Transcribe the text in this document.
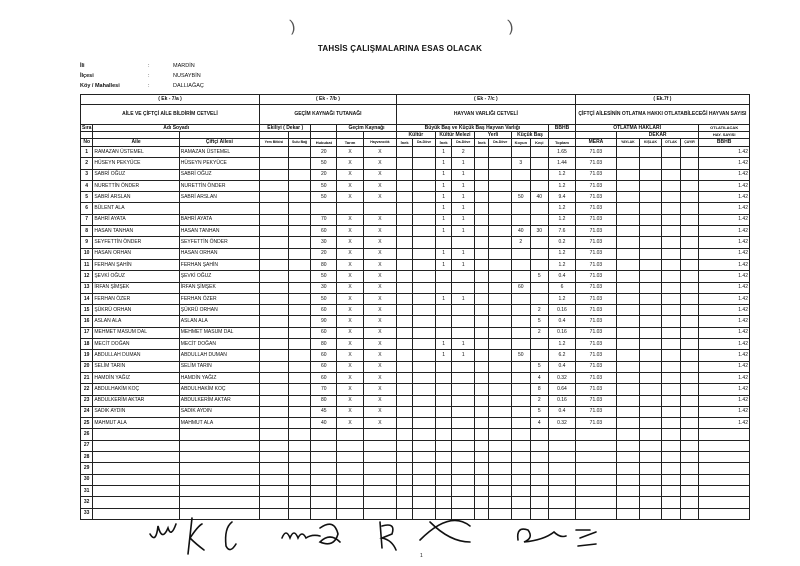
)	)
TAHSİS ÇALIŞMALARINA ESAS OLACAK
İli	:	MARDİN
İlçesi	:	NUSAYBİN
Köy / Mahallesi	:	DALLIAĞAÇ
( Ek - 7/a )			( Ek - 7/b )					( Ek - 7/c )									( Ek.7f )					
AİLE VE ÇİFTÇİ AİLE BİLDİRİM CETVELİ			GEÇİM KAYNAĞI TUTANAĞI					HAYVAN VARLIĞI CETVELİ									ÇİFTÇİ AİLESİNİN OTLATMA HAKKI OTLATABİLECEĞİ HAYVAN SAYISI					
Sıra	Adı Soyadı		Ekiliyi ( Dekar )			Geçim Kaynağı		Büyük Baş ve Küçük Baş Hayvan Varlığı								BBHB	OTLATMA HAKLARI					OTLATILACAK
								Kültür		Kültür Melezi		Yerli		Küçük Baş				DEKAR				HAY. SAYISI
No	Aile	Çiftçi Ailesi	Yem Bitkisi	Sulu Bağ	Hububat	Tarım	Hayvancılık	İnek	Da-Döve	İnek	Da-Döve	İnek	Da-Döve	Koyun	Keçi	Toplam	MERA	YAYLAK	KIŞLAK	OTLAK	ÇAYIR	BBHB
1	RAMAZAN ÜSTEMEL	RAMAZAN ÜSTEMEL			20	X	X			1	2					1.65	71.03					1.42
2	HÜSEYN PEKYÜCE	HÜSEYN PEKYÜCE			50	X	X			1	1			3		1.44	71.03					1.42
3	SABRİ OĞUZ	SABRİ OĞUZ			20	X	X			1	1					1.2	71.03					1.42
4	NURETTİN ÖNDER	NURETTİN ÖNDER			50	X	X			1	1					1.2	71.03					1.42
5	SABRİ ARSLAN	SABRİ ARSLAN			50	X	X			1	1			50	40	9.4	71.03					1.42
6	BÜLENT ALA									1	1					1.2	71.03					1.42
7	BAHRİ AYATA	BAHRİ AYATA			70	X	X			1	1					1.2	71.03					1.42
8	HASAN TANHAN	HASAN TANHAN			60	X	X			1	1			40	30	7.6	71.03					1.42
9	SEYFETTİN ÖNDER	SEYFETTİN ÖNDER			30	X	X							2		0.2	71.03					1.42
10	HASAN ORHAN	HASAN ORHAN			20	X	X			1	1					1.2	71.03					1.42
11	FERHAN ŞAHİN	FERHAN ŞAHİN			80	X	X			1	1					1.2	71.03					1.42
12	ŞEVKİ OĞUZ	ŞEVKİ OĞUZ			50	X	X								5	0.4	71.03					1.42
13	İRFAN ŞİMŞEK	İRFAN ŞİMŞEK			30	X	X							60		6	71.03					1.42
14	FERHAN ÖZER	FERHAN ÖZER			50	X	X			1	1					1.2	71.03					1.42
15	ŞÜKRÜ ORHAN	ŞÜKRÜ ORHAN			60	X	X								2	0.16	71.03					1.42
16	ASLAN ALA	ASLAN ALA			90	X	X								5	0.4	71.03					1.42
17	MEHMET MASUM DAL	MEHMET MASUM DAL			60	X	X								2	0.16	71.03					1.42
18	MECİT DOĞAN	MECİT DOĞAN			80	X	X			1	1					1.2	71.03					1.42
19	ABDULLAH DUMAN	ABDULLAH DUMAN			60	X	X			1	1			50		6.2	71.03					1.42
20	SELİM TARIN	SELİM TARIN			60	X	X								5	0.4	71.03					1.42
21	HAMDİN YAĞIZ	HAMDİN YAĞIZ			60	X	X								4	0.32	71.03					1.42
22	ABDULHAKİM KOÇ	ABDULHAKİM KOÇ			70	X	X								8	0.64	71.03					1.42
23	ABDULKERİM AKTAR	ABDULKERİM AKTAR			80	X	X								2	0.16	71.03					1.42
24	SADIK AYDIN	SADIK AYDIN			45	X	X								5	0.4	71.03					1.42
25	MAHMUT ALA	MAHMUT ALA			40	X	X								4	0.32	71.03					1.42
26																						
27																						
28																						
29																						
30																						
31																						
32																						
33																						
1
